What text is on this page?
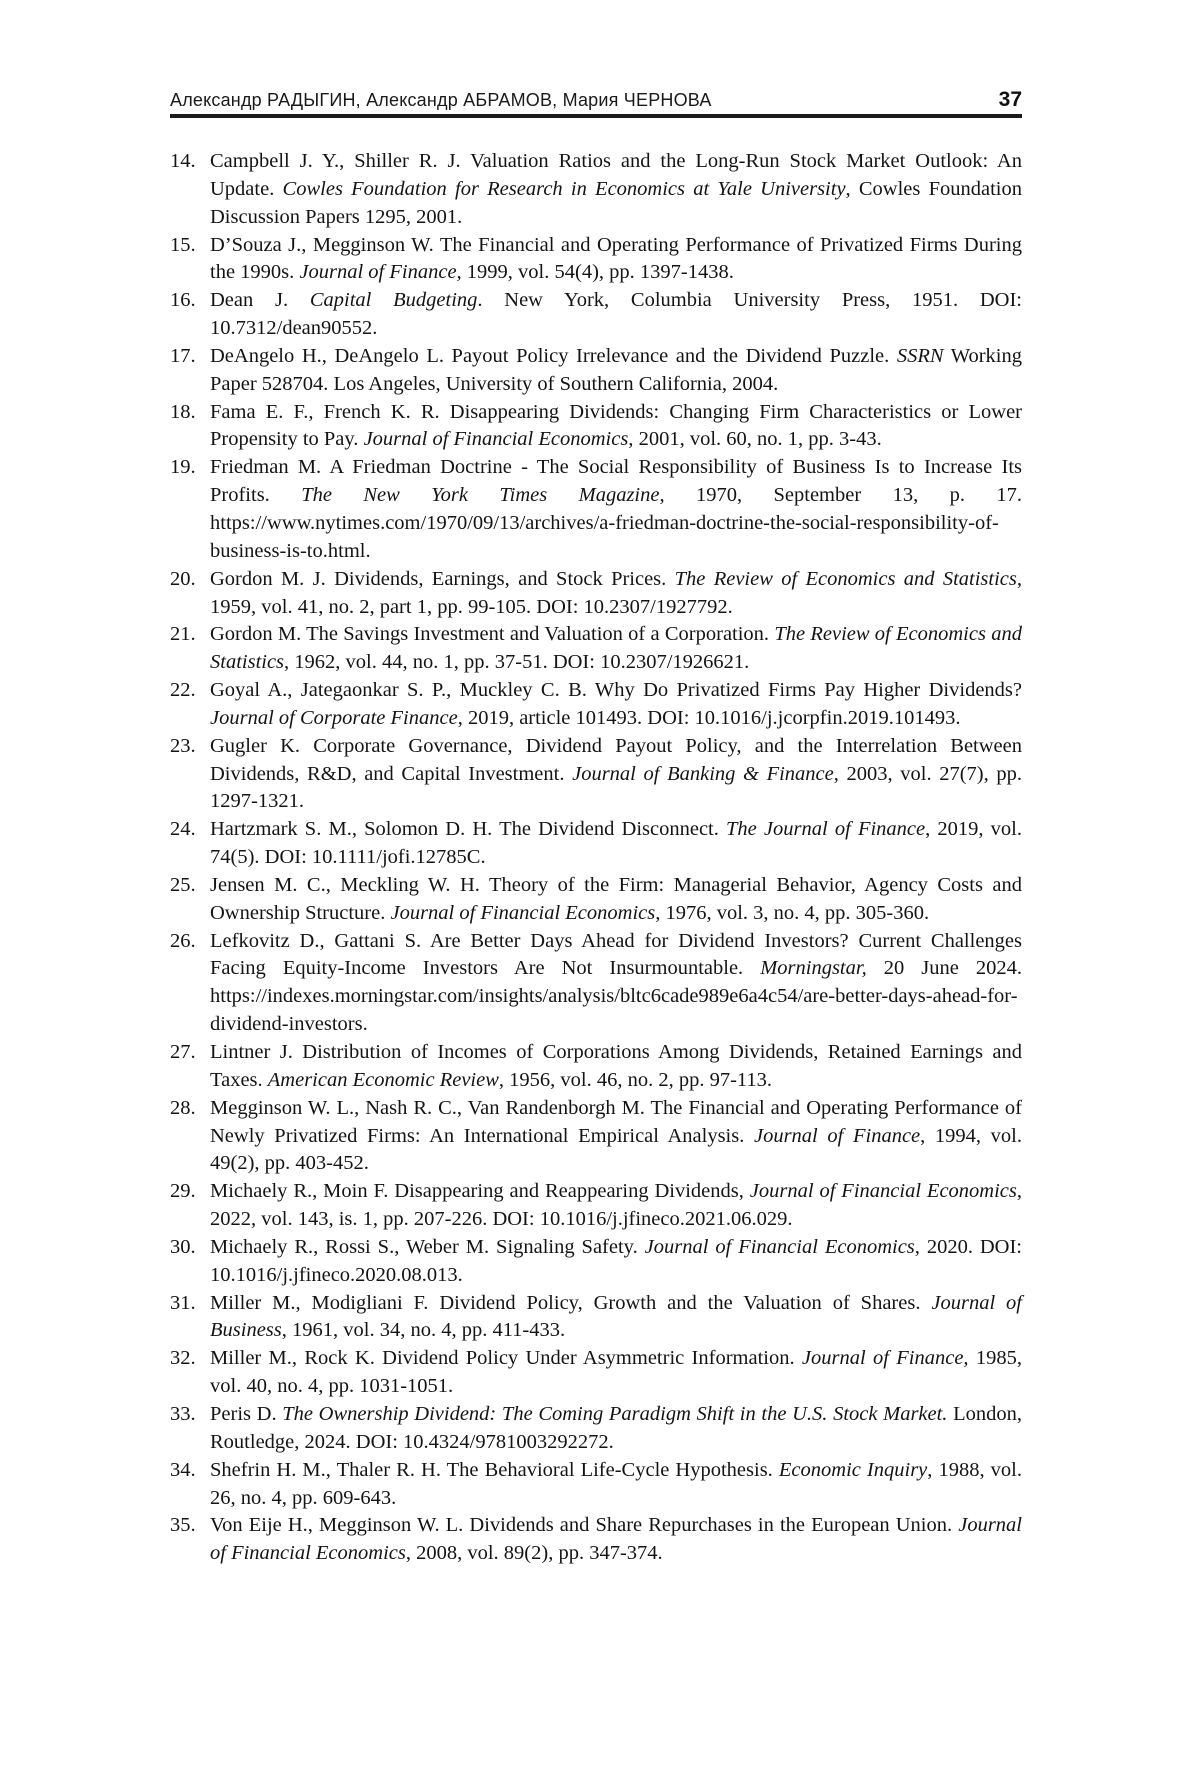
Александр РАДЫГИН, Александр АБРАМОВ, Мария ЧЕРНОВА	37
14. Campbell J. Y., Shiller R. J. Valuation Ratios and the Long-Run Stock Market Outlook: An Update. Cowles Foundation for Research in Economics at Yale University, Cowles Foundation Discussion Papers 1295, 2001.
15. D’Souza J., Megginson W. The Financial and Operating Performance of Privatized Firms During the 1990s. Journal of Finance, 1999, vol. 54(4), pp. 1397-1438.
16. Dean J. Capital Budgeting. New York, Columbia University Press, 1951. DOI: 10.7312/dean90552.
17. DeAngelo H., DeAngelo L. Payout Policy Irrelevance and the Dividend Puzzle. SSRN Working Paper 528704. Los Angeles, University of Southern California, 2004.
18. Fama E. F., French K. R. Disappearing Dividends: Changing Firm Characteristics or Lower Propensity to Pay. Journal of Financial Economics, 2001, vol. 60, no. 1, pp. 3-43.
19. Friedman M. A Friedman Doctrine - The Social Responsibility of Business Is to Increase Its Profits. The New York Times Magazine, 1970, September 13, p. 17. https://www.nytimes.com/1970/09/13/archives/a-friedman-doctrine-the-social-responsibility-of-business-is-to.html.
20. Gordon M. J. Dividends, Earnings, and Stock Prices. The Review of Economics and Statistics, 1959, vol. 41, no. 2, part 1, pp. 99-105. DOI: 10.2307/1927792.
21. Gordon M. The Savings Investment and Valuation of a Corporation. The Review of Economics and Statistics, 1962, vol. 44, no. 1, pp. 37-51. DOI: 10.2307/1926621.
22. Goyal A., Jategaonkar S. P., Muckley C. B. Why Do Privatized Firms Pay Higher Dividends? Journal of Corporate Finance, 2019, article 101493. DOI: 10.1016/j.jcorpfin.2019.101493.
23. Gugler K. Corporate Governance, Dividend Payout Policy, and the Interrelation Between Dividends, R&D, and Capital Investment. Journal of Banking & Finance, 2003, vol. 27(7), pp. 1297-1321.
24. Hartzmark S. M., Solomon D. H. The Dividend Disconnect. The Journal of Finance, 2019, vol. 74(5). DOI: 10.1111/jofi.12785C.
25. Jensen M. C., Meckling W. H. Theory of the Firm: Managerial Behavior, Agency Costs and Ownership Structure. Journal of Financial Economics, 1976, vol. 3, no. 4, pp. 305-360.
26. Lefkovitz D., Gattani S. Are Better Days Ahead for Dividend Investors? Current Challenges Facing Equity-Income Investors Are Not Insurmountable. Morningstar, 20 June 2024. https://indexes.morningstar.com/insights/analysis/bltc6cade989e6a4c54/are-better-days-ahead-for-dividend-investors.
27. Lintner J. Distribution of Incomes of Corporations Among Dividends, Retained Earnings and Taxes. American Economic Review, 1956, vol. 46, no. 2, pp. 97-113.
28. Megginson W. L., Nash R. C., Van Randenborgh M. The Financial and Operating Performance of Newly Privatized Firms: An International Empirical Analysis. Journal of Finance, 1994, vol. 49(2), pp. 403-452.
29. Michaely R., Moin F. Disappearing and Reappearing Dividends, Journal of Financial Economics, 2022, vol. 143, is. 1, pp. 207-226. DOI: 10.1016/j.jfineco.2021.06.029.
30. Michaely R., Rossi S., Weber M. Signaling Safety. Journal of Financial Economics, 2020. DOI: 10.1016/j.jfineco.2020.08.013.
31. Miller M., Modigliani F. Dividend Policy, Growth and the Valuation of Shares. Journal of Business, 1961, vol. 34, no. 4, pp. 411-433.
32. Miller M., Rock K. Dividend Policy Under Asymmetric Information. Journal of Finance, 1985, vol. 40, no. 4, pp. 1031-1051.
33. Peris D. The Ownership Dividend: The Coming Paradigm Shift in the U.S. Stock Market. London, Routledge, 2024. DOI: 10.4324/9781003292272.
34. Shefrin H. M., Thaler R. H. The Behavioral Life-Cycle Hypothesis. Economic Inquiry, 1988, vol. 26, no. 4, pp. 609-643.
35. Von Eije H., Megginson W. L. Dividends and Share Repurchases in the European Union. Journal of Financial Economics, 2008, vol. 89(2), pp. 347-374.
